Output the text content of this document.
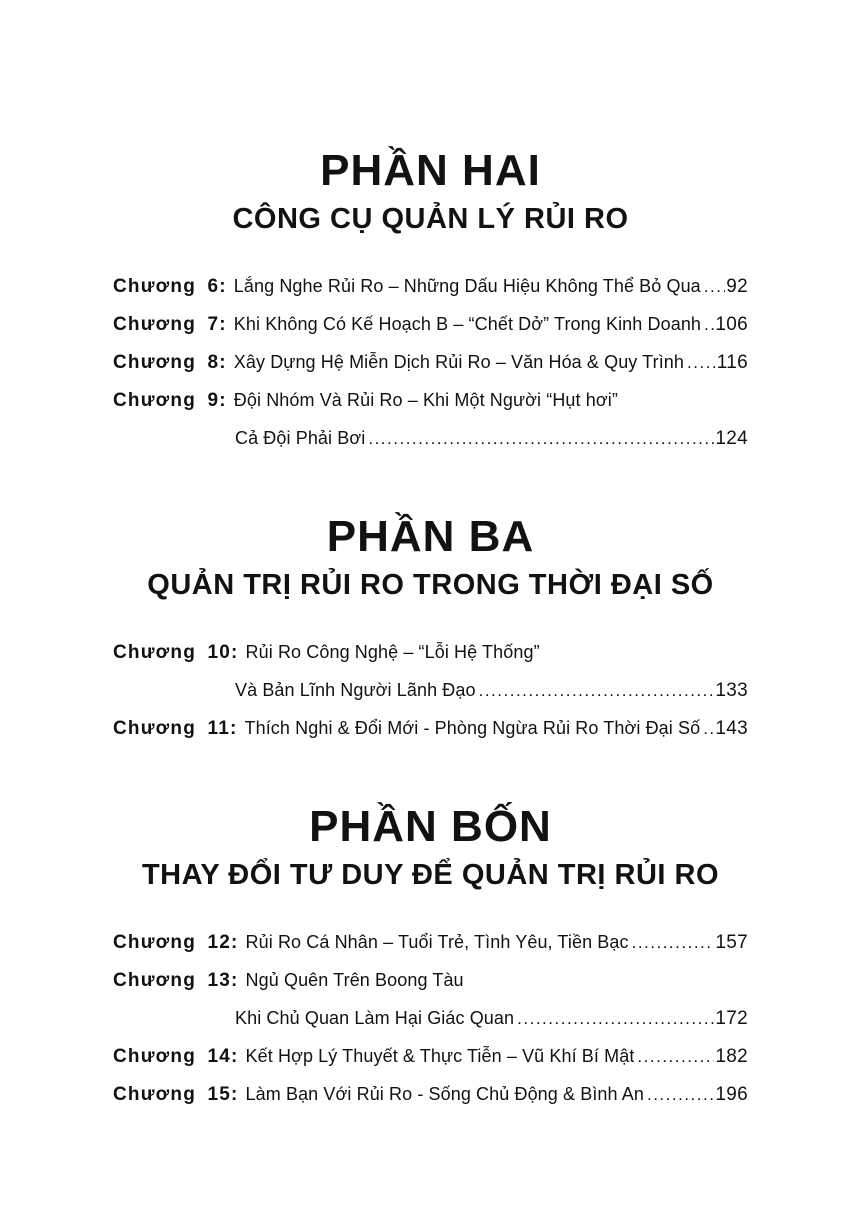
PHẦN HAI
CÔNG CỤ QUẢN LÝ RỦI RO
Chương 6: Lắng Nghe Rủi Ro – Những Dấu Hiệu Không Thể Bỏ Qua ..... 92
Chương 7: Khi Không Có Kế Hoạch B – “Chết Dở” Trong Kinh Doanh ..... 106
Chương 8: Xây Dựng Hệ Miễn Dịch Rủi Ro – Văn Hóa & Quy Trình ..... 116
Chương 9: Đội Nhóm Và Rủi Ro – Khi Một Người “Hụt hơi”
Cả Đội Phải Bơi .....	124
PHẦN BA
QUẢN TRỊ RỦI RO TRONG THỜI ĐẠI SỐ
Chương 10: Rủi Ro Công Nghệ – “Lỗi Hệ Thống”
Và Bản Lĩnh Người Lãnh Đạo .....	133
Chương 11: Thích Nghi & Đổi Mới - Phòng Ngừa Rủi Ro Thời Đại Số ..... 143
PHẦN BỐN
THAY ĐỔI TƯ DUY ĐỂ QUẢN TRỊ RỦI RO
Chương 12: Rủi Ro Cá Nhân – Tuổi Trẻ, Tình Yêu, Tiền Bạc .....	157
Chương 13: Ngủ Quên Trên Boong Tàu
Khi Chủ Quan Làm Hại Giác Quan .....	172
Chương 14: Kết Hợp Lý Thuyết & Thực Tiễn – Vũ Khí Bí Mật .....	182
Chương 15: Làm Bạn Với Rủi Ro - Sống Chủ Động & Bình An .....	196
